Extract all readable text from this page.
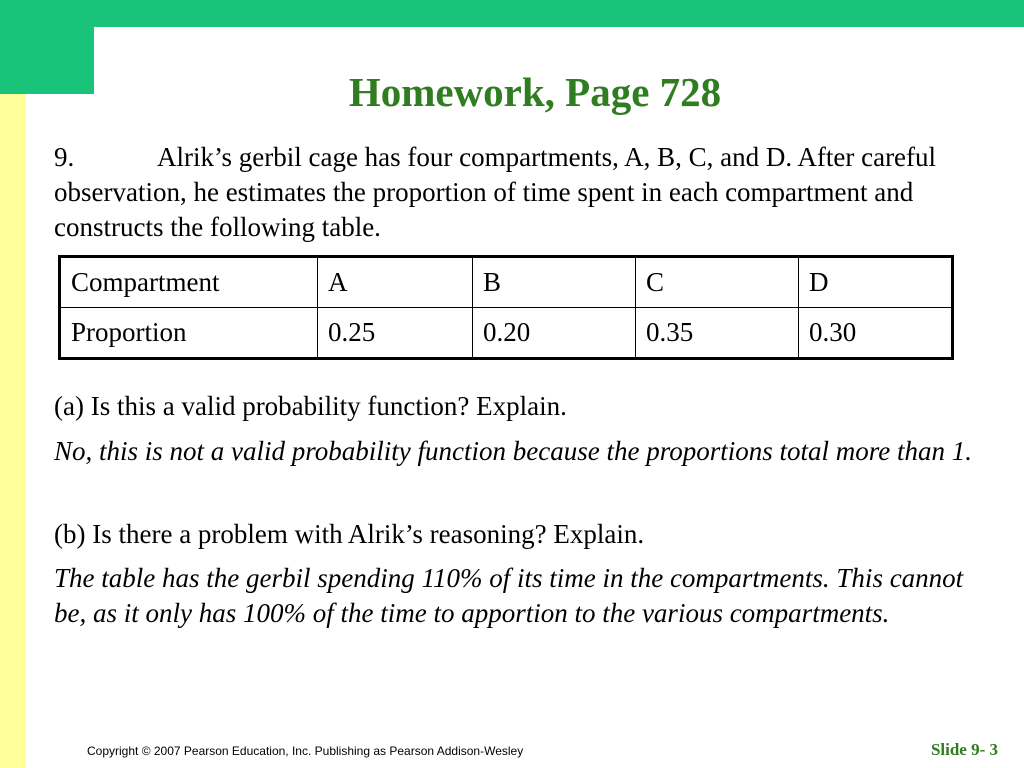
Homework, Page 728
9.	Alrik’s gerbil cage has four compartments, A, B, C, and D. After careful observation, he estimates the proportion of time spent in each compartment and constructs the following table.
Compartment	A	B	C	D
Proportion	0.25	0.20	0.35	0.30
(a) Is this a valid probability function? Explain.
No, this is not a valid probability function because the proportions total more than 1.
(b) Is there a problem with Alrik’s reasoning? Explain.
The table has the gerbil spending 110% of its time in the compartments. This cannot be, as it only has 100% of the time to apportion to the various compartments.
Copyright © 2007 Pearson Education, Inc. Publishing as Pearson Addison-Wesley	Slide 9- 3
